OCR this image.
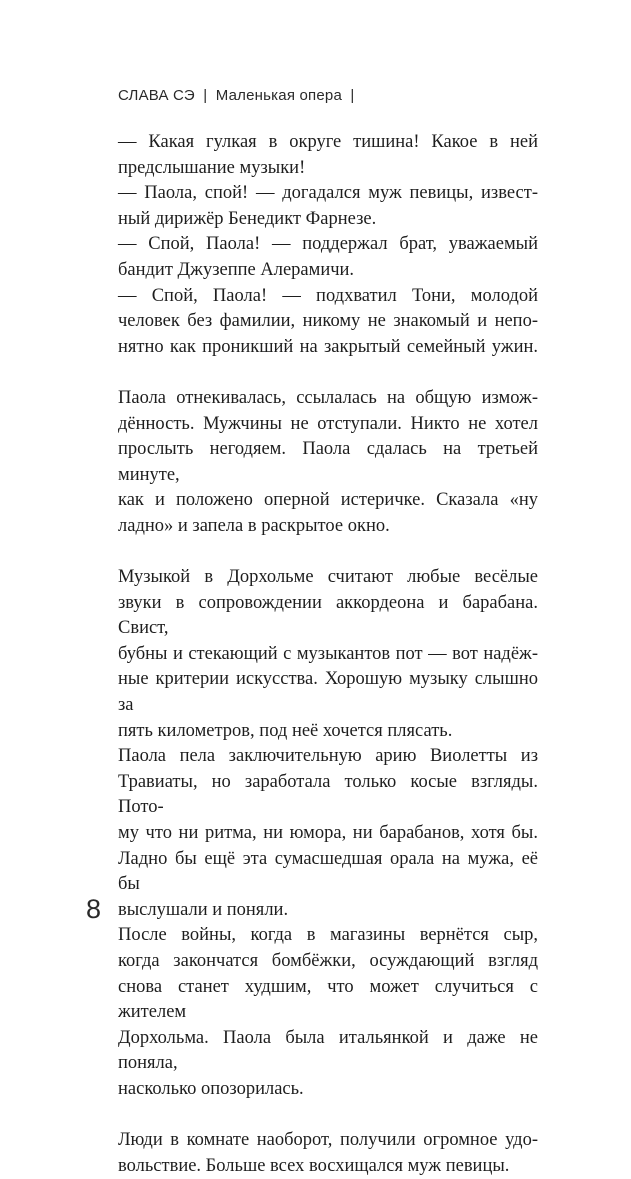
СЛАВА СЭ | Маленькая опера |
— Какая гулкая в округе тишина! Какое в ней
предслышание музыки!
— Паола, спой! — догадался муж певицы, извест-
ный дирижёр Бенедикт Фарнезе.
— Спой, Паола! — поддержал брат, уважаемый
бандит Джузеппе Алерамичи.
— Спой, Паола! — подхватил Тони, молодой
человек без фамилии, никому не знакомый и непо-
нятно как проникший на закрытый семейный ужин.
Паола отнекивалась, ссылалась на общую измож-
дённость. Мужчины не отступали. Никто не хотел
прослыть негодяем. Паола сдалась на третьей минуте,
как и положено оперной истеричке. Сказала «ну
ладно» и запела в раскрытое окно.
Музыкой в Дорхольме считают любые весёлые
звуки в сопровождении аккордеона и барабана. Свист,
бубны и стекающий с музыкантов пот — вот надёж-
ные критерии искусства. Хорошую музыку слышно за
пять километров, под неё хочется плясать.
Паола пела заключительную арию Виолетты из
Травиаты, но заработала только косые взгляды. Пото-
му что ни ритма, ни юмора, ни барабанов, хотя бы.
Ладно бы ещё эта сумасшедшая орала на мужа, её бы
выслушали и поняли.
После войны, когда в магазины вернётся сыр,
когда закончатся бомбёжки, осуждающий взгляд
снова станет худшим, что может случиться с жителем
Дорхольма. Паола была итальянкой и даже не поняла,
насколько опозорилась.
Люди в комнате наоборот, получили огромное удо-
вольствие. Больше всех восхищался муж певицы.
8
